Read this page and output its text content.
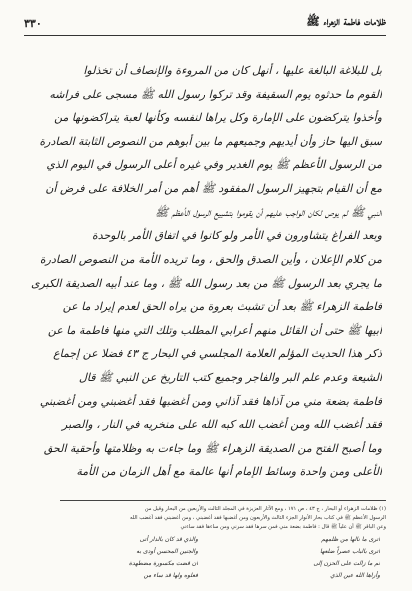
ظلامات فاطمة الزهراء ﷺ
٣٣٠
بل للبلاغة البالغة عليها ، أنهل كان من المروءة والإنصاف أن تخذلوا
القوم ما حدثوه يوم السقيفة وقد تركوا رسول الله ﷺ مسجى على فراشه
وأخذوا يتركضون على الإمارة وكل يراها لنفسه وكأنها لعبة يتراكضونها من
سبق اليها حاز وأن أيديهم وجميعهم ما بين أبوهم من النصوص الثابتة الصادرة
من الرسول الأعظم ﷺ يوم الغدير وفي غيره أعلى الرسول في اليوم الذي
مع أن القيام بتجهيز الرسول المفقود ﷺ أهم من أمر الخلافة على فرض أن
النبي ﷺ لم يوص لكان الواجب عليهم أن يقوموا بتشييع الرسول الأعظم ﷺ
وبعد الفراغ يتشاورون في الأمر ولو كانوا في اتفاق الأمر بالوحدة
من كلام الإعلان ، وأين الصدق والحق ، وما تريده الأمة من النصوص الصادرة
ما يجري بعد الرسول ﷺ من بعد رسول الله ﷺ ، وما عند أبيه الصديقة الكبرى
فاطمة الزهراء ﷺ بعد أن تشبث بعروة من يراه الحق لعدم إيراد ما عن
أبيها ﷺ حتى أن القائل منهم أعرابي المطلب وتلك التي منها فاطمة ما عن
ذكر هذا الحديث المؤلم العلامة المجلسي في البحار ج ٤٣ فضلا عن إجماع
الشيعة وعدم علم البر والفاجر وجميع كتب التاريخ عن النبي ﷺ قال
فاطمة بضعة مني من آذاها فقد آذاني ومن أغضبها فقد أغضبني ومن أغضبني
فقد أغضب الله ومن أغضب الله كبه الله على منخريه في النار ، والصبر
وما أصبح الفتح من الصديقة الزهراء ﷺ وما جاءت به وظلامتها وأحقية الحق
الأعلى ومن واحدة وسائط الإمام أنها عالمة مع أهل الزمان من الأمة
(١) ظلامات الزهراء أو البحار ، ج ٤٣ ، ص ١٧١ ، ومع الآثار العزيزة في المجلد الثالث والأربعين من البحار وقيل من
الرسول الأعظم ﷺ في كتاب بحار الأنوار الجزء الثالث والأربعون ومن أغضبها فقد أغضبني ، ومن أغضبني فقد أغضب الله
وعن الباقر ﷺ أن علياً ﷺ قال : فاطمة بضعة مني فمن سرها فقد سرني ومن ساءها فقد ساءني
أترى ما نالها من ظلمهم
والذي قد كان بالدار أتى
أترى بالباب عصراً ضلعها
والجنين المحسن أودى به
ثم ما زالت على الحزن إلى
أن قضت مكسورة مضطهدة
وأراها الله عين الذي
فعلوه ولها قد ساء من
